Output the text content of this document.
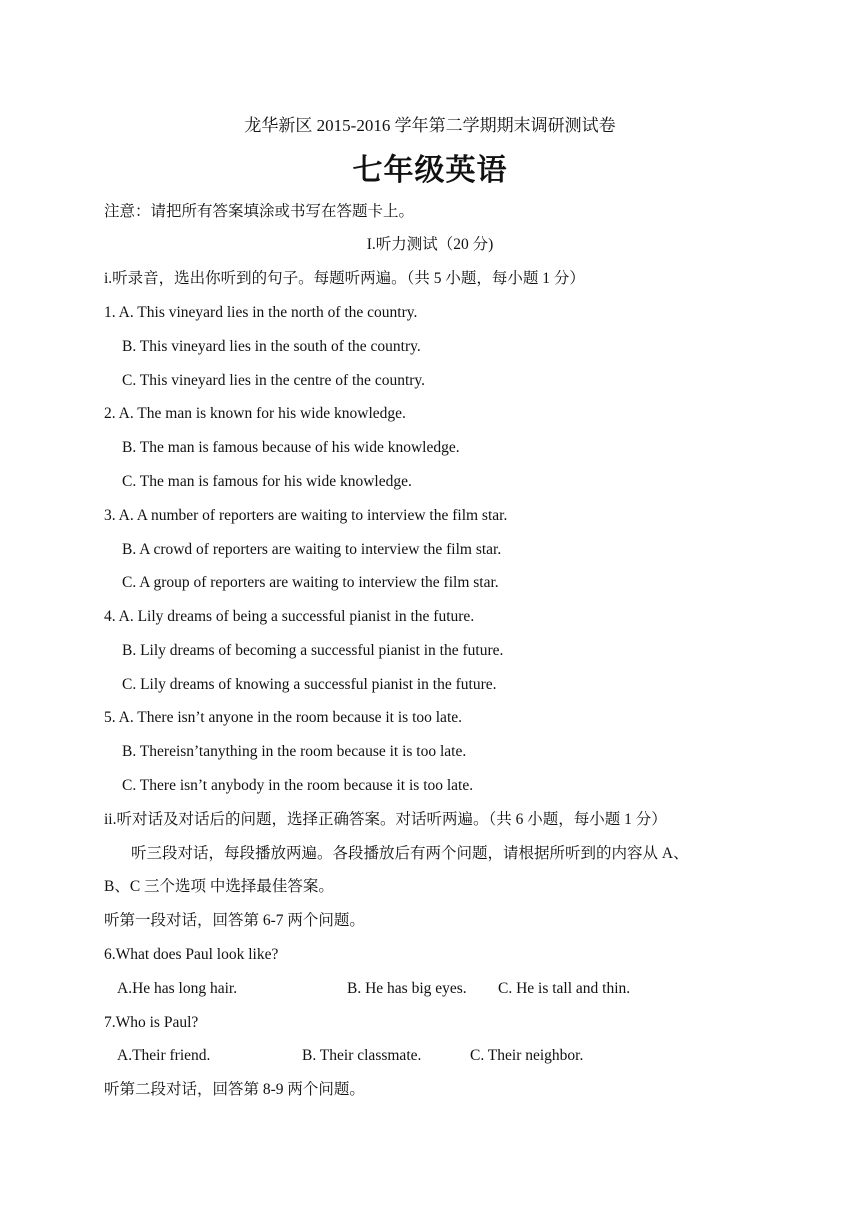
龙华新区 2015-2016 学年第二学期期末调研测试卷
七年级英语
注意：请把所有答案填涂或书写在答题卡上。
I.听力测试（20 分)
i.听录音，选出你听到的句子。每题听两遍。（共 5 小题，每小题 1 分）
1. A. This vineyard lies in the north of the country.
B. This vineyard lies in the south of the country.
C. This vineyard lies in the centre of the country.
2. A. The man is known for his wide knowledge.
B. The man is famous because of his wide knowledge.
C. The man is famous for his wide knowledge.
3. A. A number of reporters are waiting to interview the film star.
B. A crowd of reporters are waiting to interview the film star.
C. A group of reporters are waiting to interview the film star.
4. A. Lily dreams of being a successful pianist in the future.
B. Lily dreams of becoming a successful pianist in the future.
C. Lily dreams of knowing a successful pianist in the future.
5. A. There isn’t anyone in the room because it is too late.
B. Thereisn’tanything in the room because it is too late.
C. There isn’t anybody in the room because it is too late.
ii.听对话及对话后的问题，选择正确答案。对话听两遍。（共 6 小题，每小题 1 分）
听三段对话，每段播放两遍。各段播放后有两个问题，请根据所听到的内容从 A、
B、C 三个选项 中选择最佳答案。
听第一段对话，回答第 6-7 两个问题。
6.What does Paul look like?
A.He has long hair.	B. He has big eyes. C. He is tall and thin.
7.Who is Paul?
A.Their friend.	B. Their classmate.	C. Their neighbor.
听第二段对话，回答第 8-9 两个问题。
